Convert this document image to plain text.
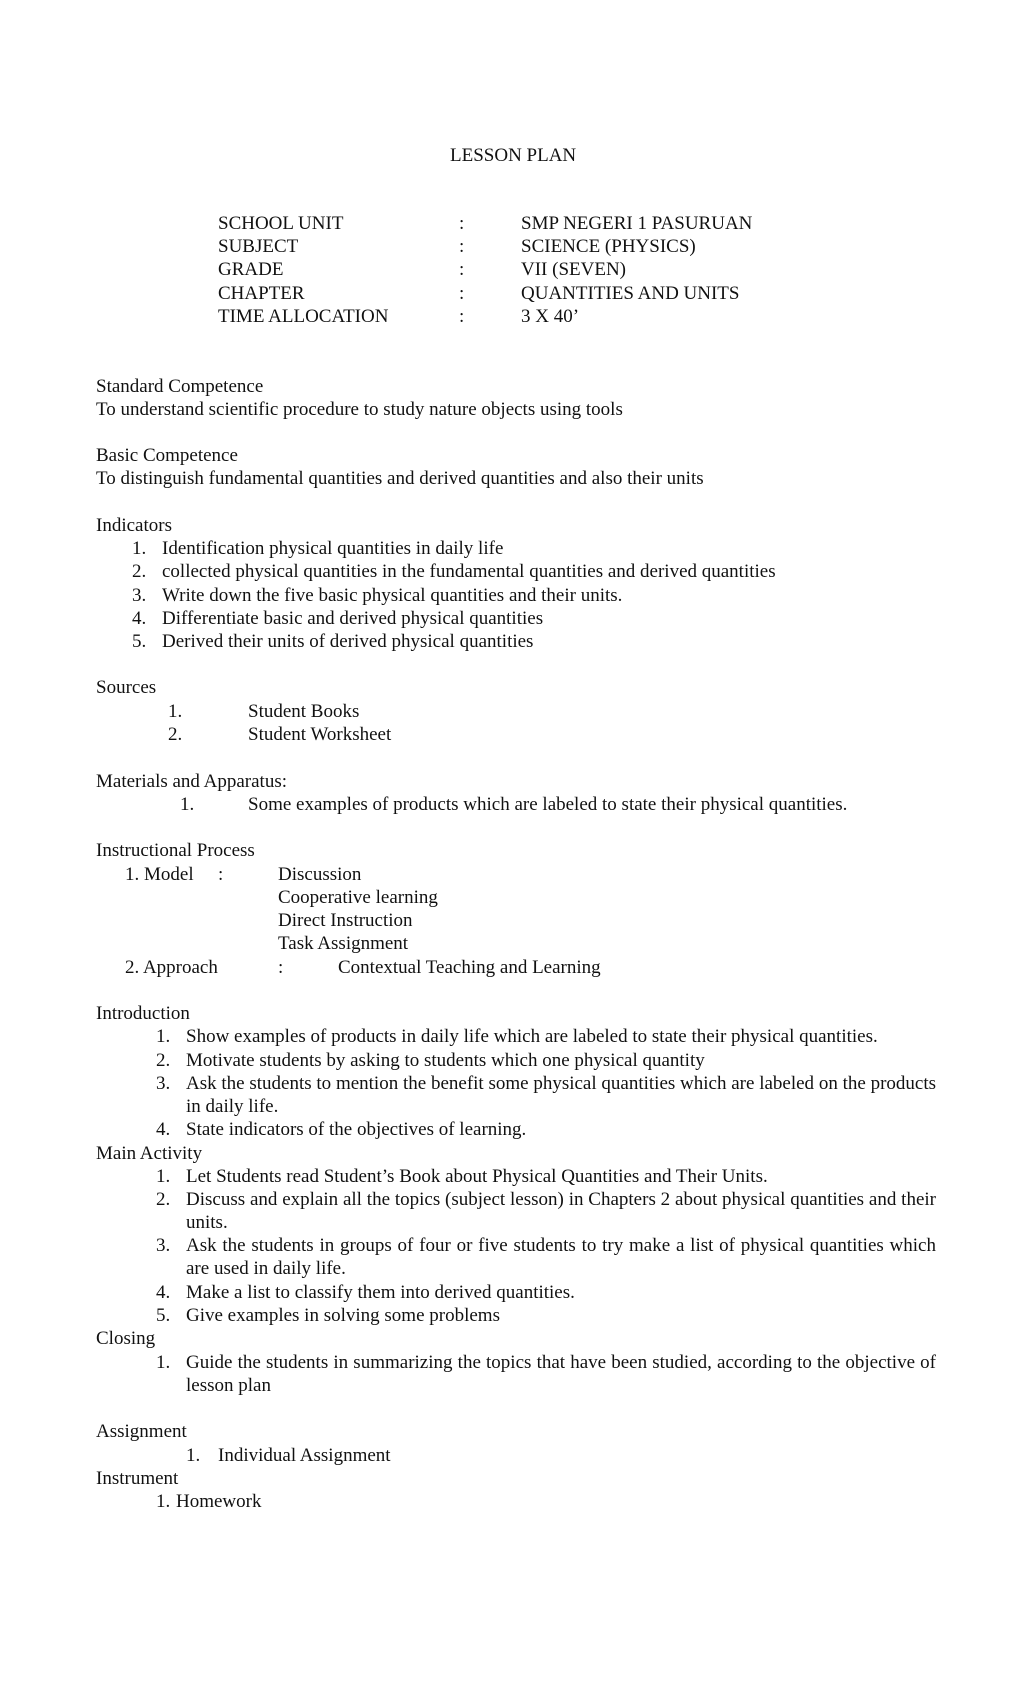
LESSON PLAN
SCHOOL UNIT	:	SMP NEGERI 1 PASURUAN
SUBJECT	:	SCIENCE (PHYSICS)
GRADE	:	VII (SEVEN)
CHAPTER	:	QUANTITIES AND UNITS
TIME ALLOCATION	:	3 X 40’
Standard Competence
To understand scientific procedure to study nature objects using tools
Basic Competence
To distinguish fundamental quantities and derived quantities and also their units
Indicators
1. Identification physical quantities in daily life
2. collected physical quantities in the fundamental quantities and derived quantities
3. Write down the five basic physical quantities and their units.
4. Differentiate basic and derived physical quantities
5. Derived their units of derived physical quantities
Sources
1.	Student Books
2.	Student Worksheet
Materials and Apparatus:
1.	Some examples of products which are labeled to state their physical quantities.
Instructional Process
1. Model :	Discussion
Cooperative learning
Direct Instruction
Task Assignment
2. Approach	:	Contextual Teaching and Learning
Introduction
1. Show examples of products in daily life which are labeled to state their physical quantities.
2. Motivate students by asking to students which one physical quantity
3. Ask the students to mention the benefit some physical quantities which are labeled on the products in daily life.
4. State indicators of the objectives of learning.
Main Activity
1. Let Students read Student’s Book about Physical Quantities and Their Units.
2. Discuss and explain all the topics (subject lesson) in Chapters 2 about physical quantities and their units.
3. Ask the students in groups of four or five students to try make a list of physical quantities which are used in daily life.
4. Make a list to classify them into derived quantities.
5. Give examples in solving some problems
Closing
1. Guide the students in summarizing the topics that have been studied, according to the objective of lesson plan
Assignment
1. Individual Assignment
Instrument
1. Homework
